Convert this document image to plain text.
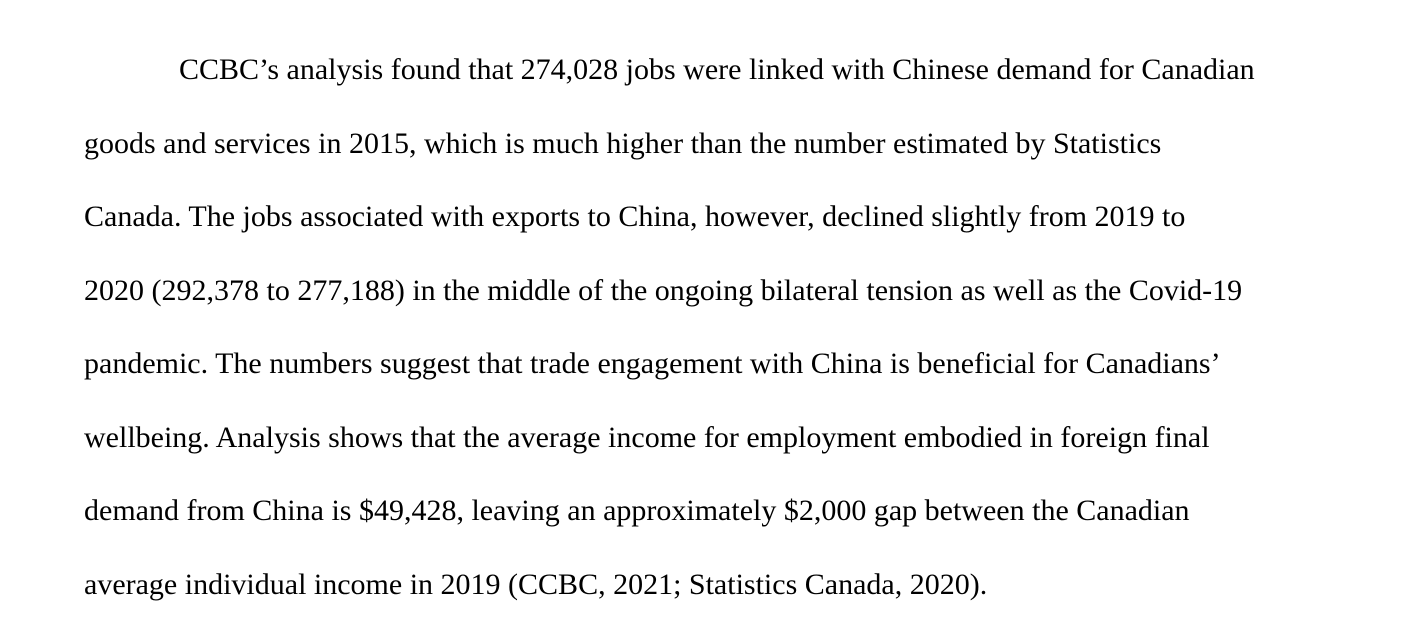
CCBC’s analysis found that 274,028 jobs were linked with Chinese demand for Canadian
goods and services in 2015, which is much higher than the number estimated by Statistics
Canada. The jobs associated with exports to China, however, declined slightly from 2019 to
2020 (292,378 to 277,188) in the middle of the ongoing bilateral tension as well as the Covid-19
pandemic. The numbers suggest that trade engagement with China is beneficial for Canadians’
wellbeing. Analysis shows that the average income for employment embodied in foreign final
demand from China is $49,428, leaving an approximately $2,000 gap between the Canadian
average individual income in 2019 (CCBC, 2021; Statistics Canada, 2020).
